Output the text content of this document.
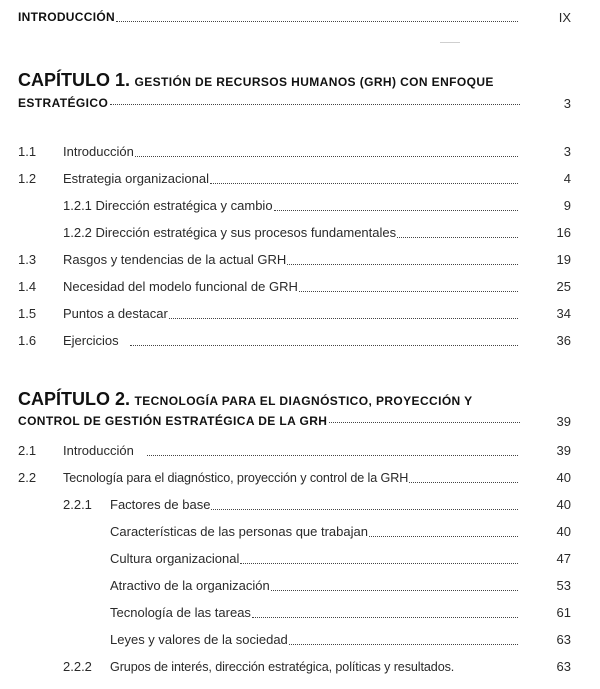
INTRODUCCIÓN	IX
CAPÍTULO 1. GESTIÓN DE RECURSOS HUMANOS (GRH) CON ENFOQUE
ESTRATÉGICO	3
1.1	Introducción	3
1.2	Estrategia organizacional	4
1.2.1 Dirección estratégica y cambio	9
1.2.2 Dirección estratégica y sus procesos fundamentales	16
1.3	Rasgos y tendencias de la actual GRH	19
1.4	Necesidad del modelo funcional de GRH	25
1.5	Puntos a destacar	34
1.6	Ejercicios	36
CAPÍTULO 2. TECNOLOGÍA PARA EL DIAGNÓSTICO, PROYECCIÓN Y
CONTROL DE GESTIÓN ESTRATÉGICA DE LA GRH	39
2.1	Introducción	39
2.2	Tecnología para el diagnóstico, proyección y control de la GRH	40
2.2.1	Factores de base	40
Características de las personas que trabajan	40
Cultura organizacional	47
Atractivo de la organización	53
Tecnología de las tareas	61
Leyes y valores de la sociedad	63
2.2.2	Grupos de interés, dirección estratégica, políticas y resultados.	63
